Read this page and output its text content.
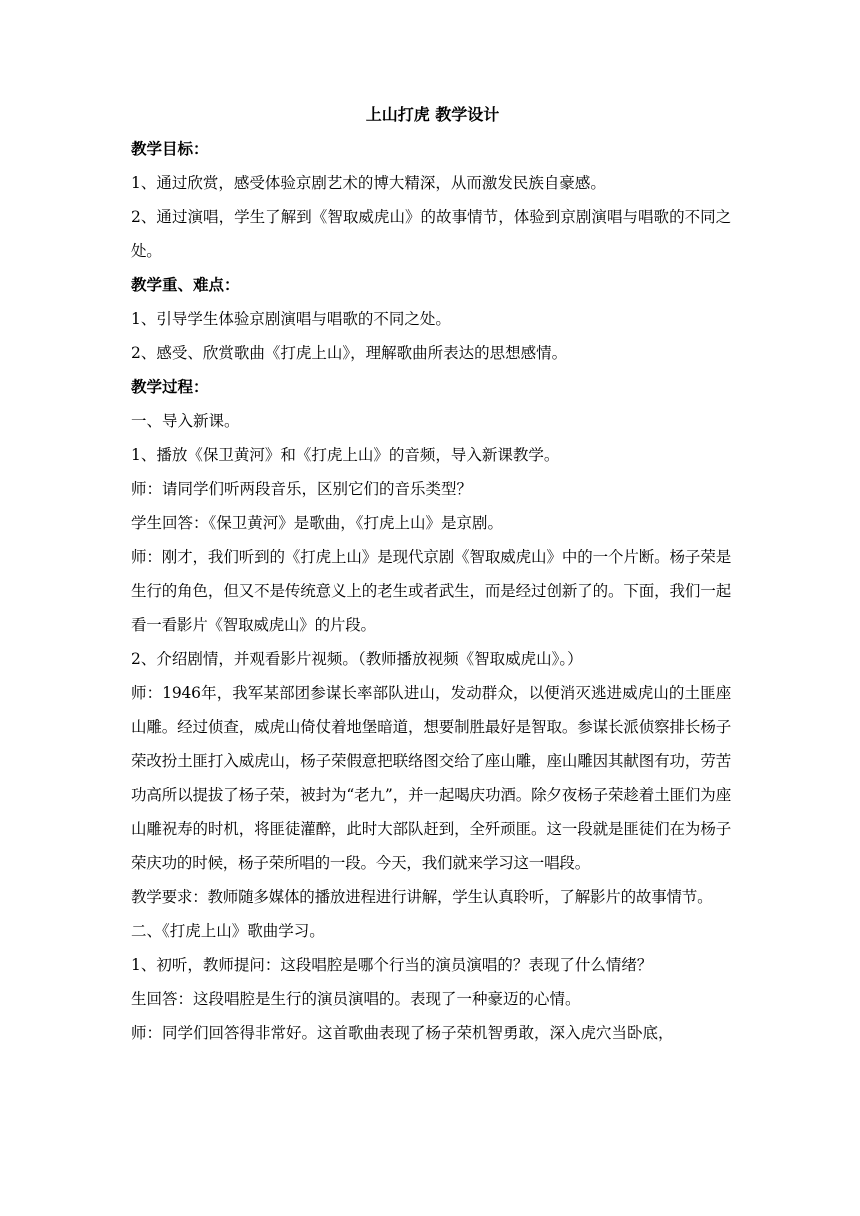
上山打虎 教学设计

教学目标：

1、通过欣赏，感受体验京剧艺术的博大精深，从而激发民族自豪感。

2、通过演唱，学生了解到《智取威虎山》的故事情节，体验到京剧演唱与唱歌的不同之处。

教学重、难点：

1、引导学生体验京剧演唱与唱歌的不同之处。

2、感受、欣赏歌曲《打虎上山》，理解歌曲所表达的思想感情。

教学过程：

一、导入新课。

1、播放《保卫黄河》和《打虎上山》的音频，导入新课教学。

师：请同学们听两段音乐，区别它们的音乐类型？

学生回答：《保卫黄河》是歌曲，《打虎上山》是京剧。

师：刚才，我们听到的《打虎上山》是现代京剧《智取威虎山》中的一个片断。杨子荣是生行的角色，但又不是传统意义上的老生或者武生，而是经过创新了的。下面，我们一起看一看影片《智取威虎山》的片段。

2、介绍剧情，并观看影片视频。（教师播放视频《智取威虎山》。）

师：1946年，我军某部团参谋长率部队进山，发动群众，以便消灭逃进威虎山的土匪座山雕。经过侦查，威虎山倚仗着地堡暗道，想要制胜最好是智取。参谋长派侦察排长杨子荣改扮土匪打入威虎山，杨子荣假意把联络图交给了座山雕，座山雕因其献图有功，劳苦功高所以提拔了杨子荣，被封为“老九”，并一起喝庆功酒。除夕夜杨子荣趁着土匪们为座山雕祝寿的时机，将匪徒灌醉，此时大部队赶到，全歼顽匪。这一段就是匪徒们在为杨子荣庆功的时候，杨子荣所唱的一段。今天，我们就来学习这一唱段。

教学要求：教师随多媒体的播放进程进行讲解，学生认真聆听，了解影片的故事情节。

二、《打虎上山》歌曲学习。

1、初听，教师提问：这段唱腔是哪个行当的演员演唱的？表现了什么情绪？

生回答：这段唱腔是生行的演员演唱的。表现了一种豪迈的心情。

师：同学们回答得非常好。这首歌曲表现了杨子荣机智勇敢，深入虎穴当卧底，
